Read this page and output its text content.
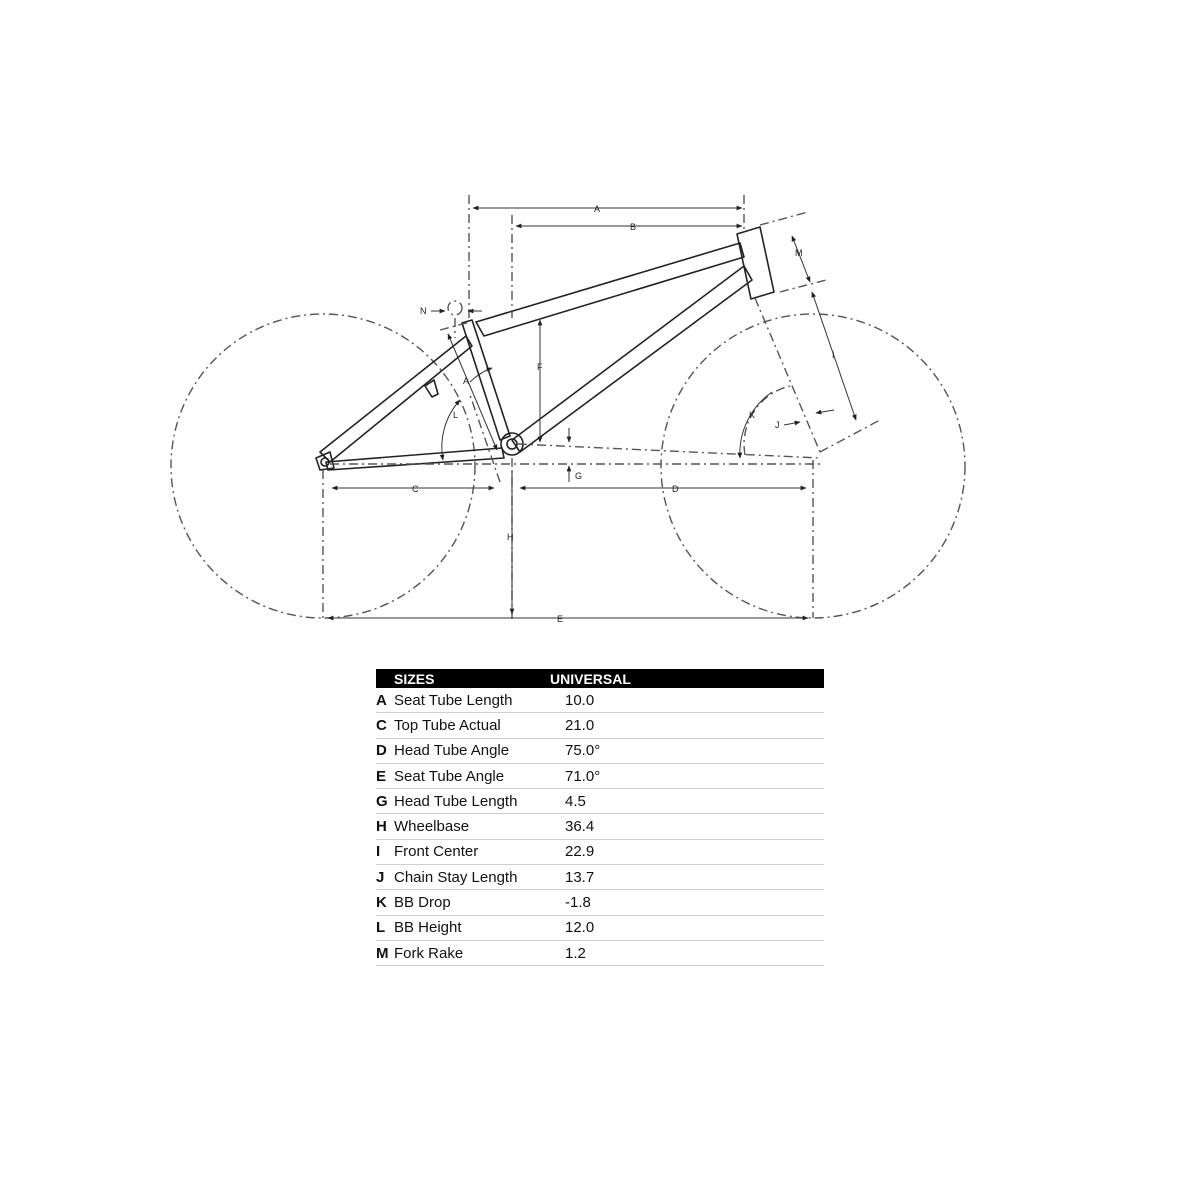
A
B
C	D
E
F
G
H
I
J
K
L
M
N
A
SIZES	UNIVERSAL
A Seat Tube Length	10.0
C Top Tube Actual	21.0
D Head Tube Angle	75.0°
E Seat Tube Angle	71.0°
G Head Tube Length	4.5
H Wheelbase	36.4
I Front Center	22.9
J Chain Stay Length	13.7
K BB Drop	-1.8
L BB Height	12.0
M Fork Rake	1.2
